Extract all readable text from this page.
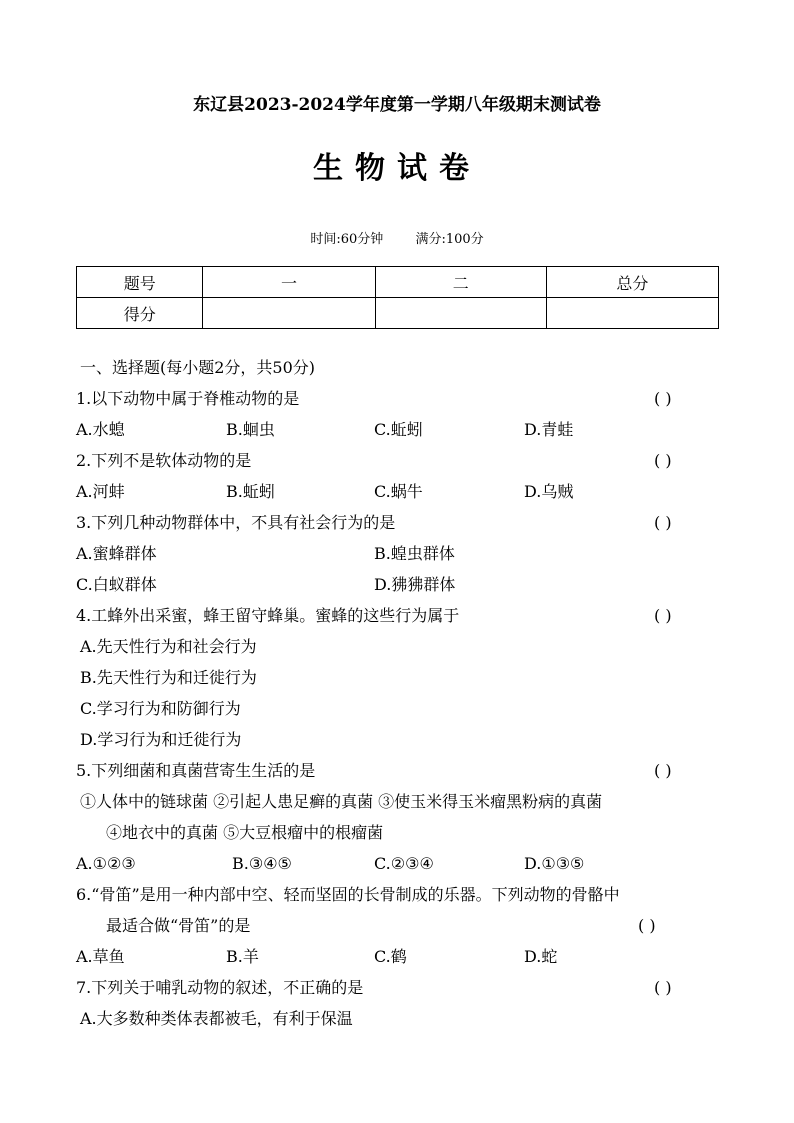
东辽县2023-2024学年度第一学期八年级期末测试卷
生物试卷
时间:60分钟 满分:100分
题号	一	二	总分
得分			
一、选择题(每小题2分，共50分)
1.以下动物中属于脊椎动物的是	( )
A.水螅	B.蛔虫	C.蚯蚓	D.青蛙
2.下列不是软体动物的是	( )
A.河蚌	B.蚯蚓	C.蜗牛	D.乌贼
3.下列几种动物群体中，不具有社会行为的是	( )
A.蜜蜂群体	B.蝗虫群体
C.白蚁群体	D.狒狒群体
4.工蜂外出采蜜，蜂王留守蜂巢。蜜蜂的这些行为属于	( )
A.先天性行为和社会行为
B.先天性行为和迁徙行为
C.学习行为和防御行为
D.学习行为和迁徙行为
5.下列细菌和真菌营寄生生活的是	( )
①人体中的链球菌 ②引起人患足癣的真菌 ③使玉米得玉米瘤黑粉病的真菌
④地衣中的真菌 ⑤大豆根瘤中的根瘤菌
A.①②③	B.③④⑤	C.②③④	D.①③⑤
6.“骨笛”是用一种内部中空、轻而坚固的长骨制成的乐器。下列动物的骨骼中
最适合做“骨笛”的是	( )
A.草鱼	B.羊	C.鹤	D.蛇
7.下列关于哺乳动物的叙述，不正确的是	( )
A.大多数种类体表都被毛，有利于保温
